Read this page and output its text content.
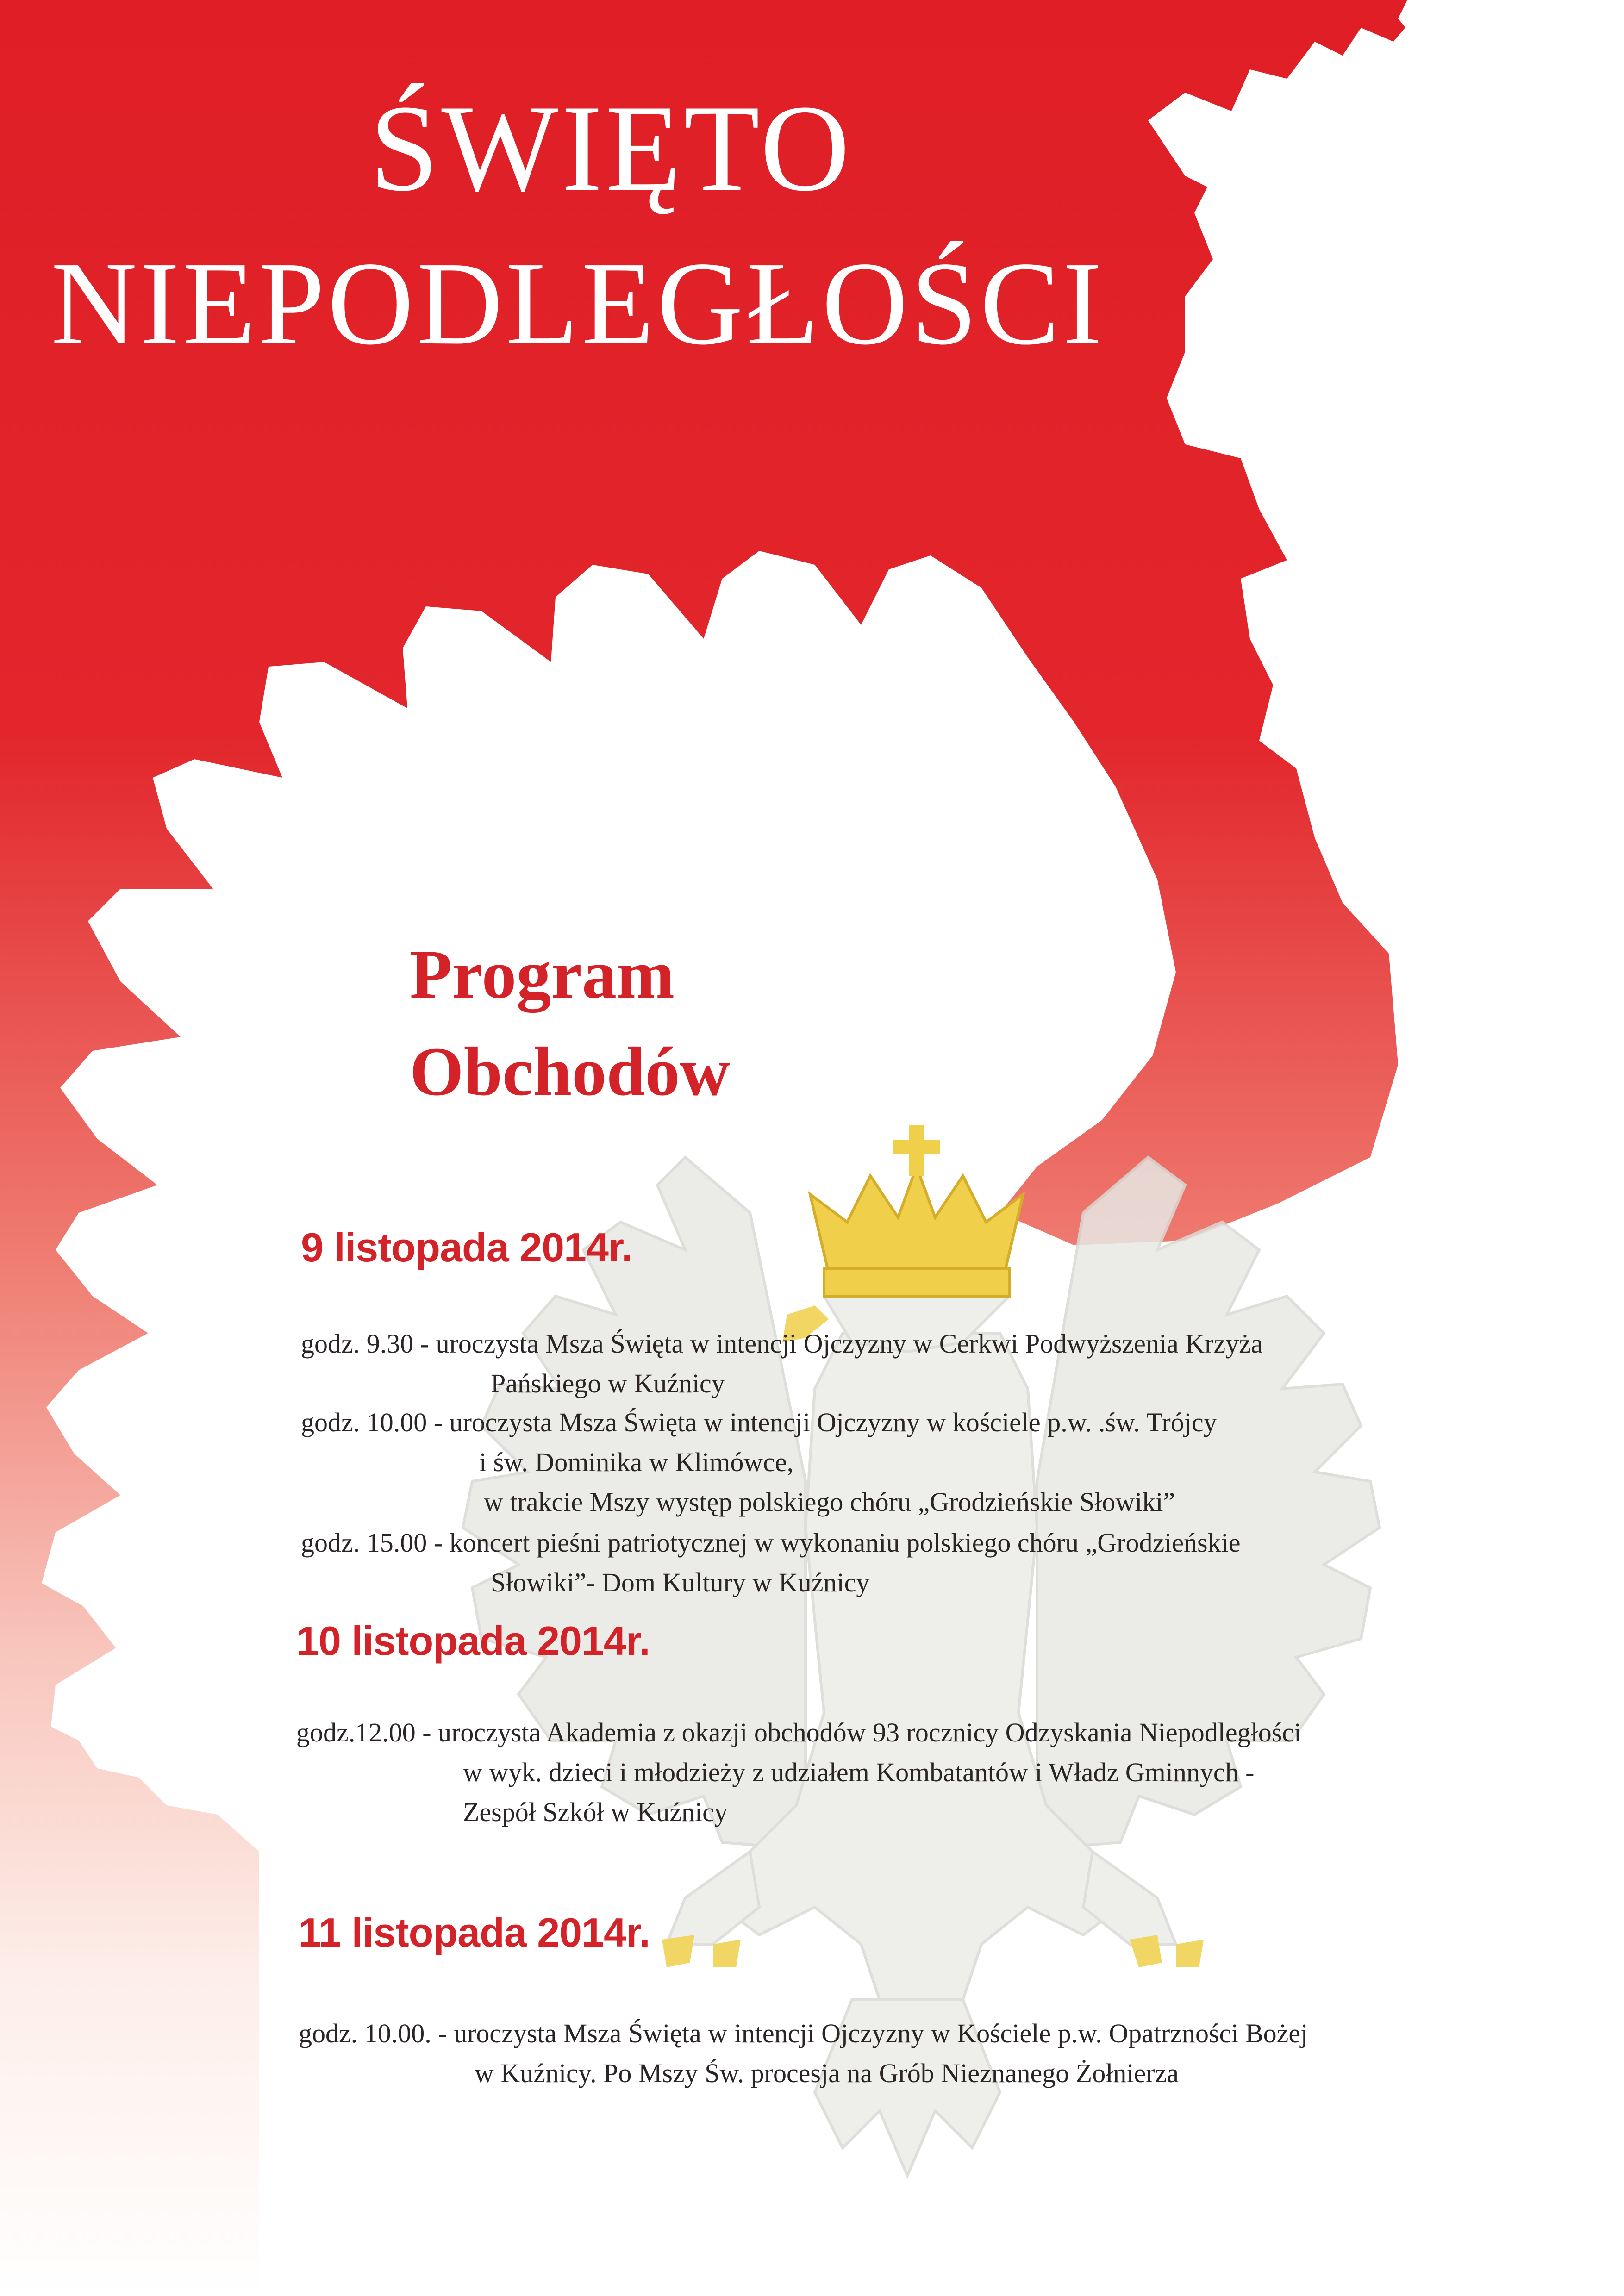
ŚWIĘTO
NIEPODLEGŁOŚCI
Program
Obchodów
9 listopada 2014r.
godz. 9.30 - uroczysta Msza Święta w intencji Ojczyzny w Cerkwi Podwyższenia Krzyża
Pańskiego w Kuźnicy
godz. 10.00 - uroczysta Msza Święta w intencji Ojczyzny w kościele p.w. .św. Trójcy
i św. Dominika w Klimówce,
w trakcie Mszy występ polskiego chóru „Grodzieńskie Słowiki”
godz. 15.00 - koncert pieśni patriotycznej w wykonaniu polskiego chóru „Grodzieńskie
Słowiki”- Dom Kultury w Kuźnicy
10 listopada 2014r.
godz.12.00 - uroczysta Akademia z okazji obchodów 93 rocznicy Odzyskania Niepodległości
w wyk. dzieci i młodzieży z udziałem Kombatantów i Władz Gminnych -
Zespół Szkół w Kuźnicy
11 listopada 2014r.
godz. 10.00. - uroczysta Msza Święta w intencji Ojczyzny w Kościele p.w. Opatrzności Bożej
w Kuźnicy. Po Mszy Św. procesja na Grób Nieznanego Żołnierza
